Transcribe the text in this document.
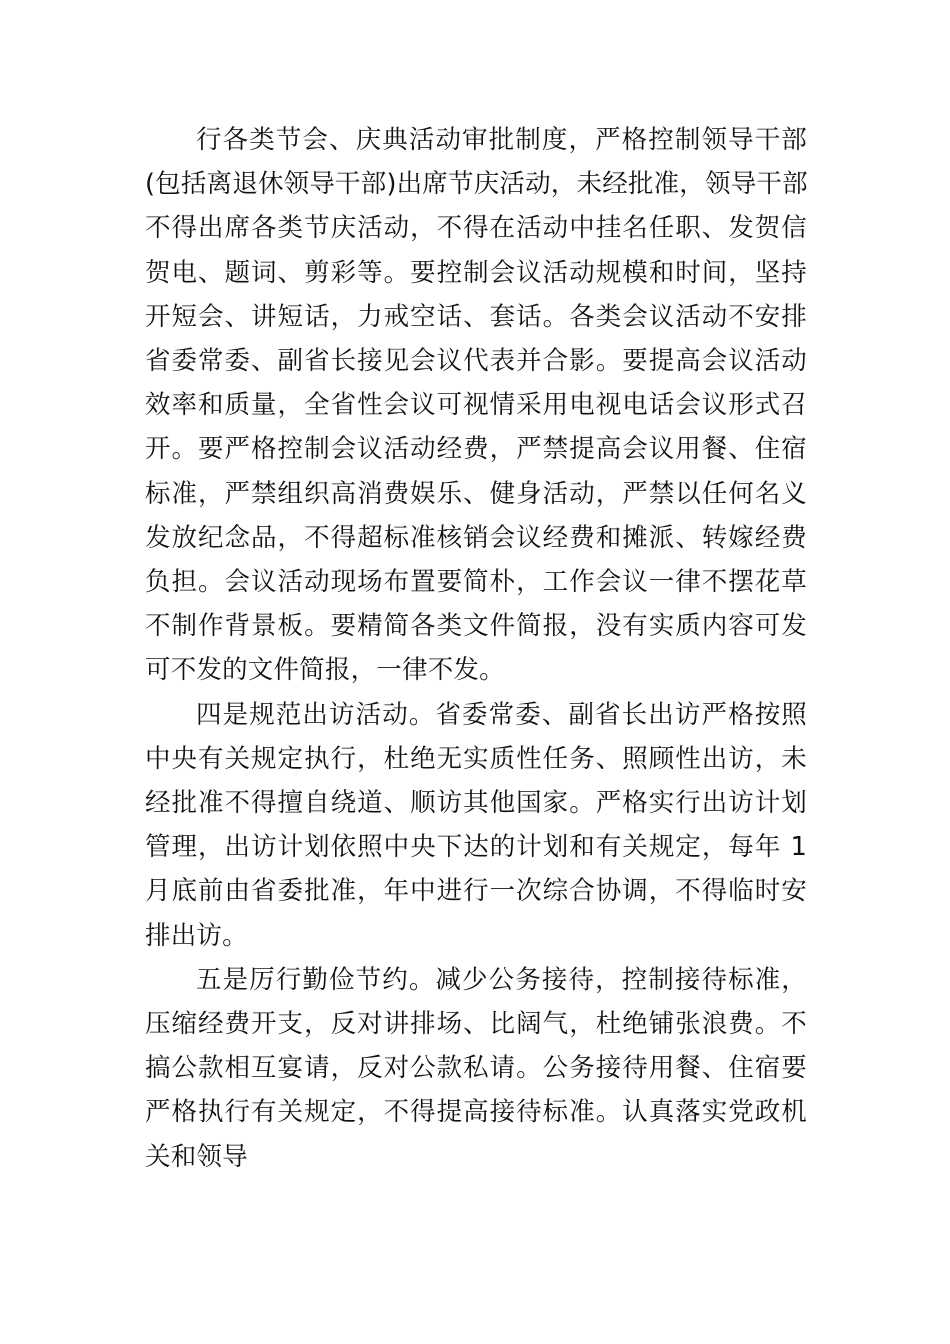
行各类节会、庆典活动审批制度，严格控制领导干部
(包括离退休领导干部)出席节庆活动，未经批准，领导干部
不得出席各类节庆活动，不得在活动中挂名任职、发贺信
贺电、题词、剪彩等。要控制会议活动规模和时间，坚持
开短会、讲短话，力戒空话、套话。各类会议活动不安排
省委常委、副省长接见会议代表并合影。要提高会议活动
效率和质量，全省性会议可视情采用电视电话会议形式召
开。要严格控制会议活动经费，严禁提高会议用餐、住宿
标准，严禁组织高消费娱乐、健身活动，严禁以任何名义
发放纪念品，不得超标准核销会议经费和摊派、转嫁经费
负担。会议活动现场布置要简朴，工作会议一律不摆花草
不制作背景板。要精简各类文件简报，没有实质内容可发
可不发的文件简报，一律不发。

四是规范出访活动。省委常委、副省长出访严格按照
中央有关规定执行，杜绝无实质性任务、照顾性出访，未
经批准不得擅自绕道、顺访其他国家。严格实行出访计划
管理，出访计划依照中央下达的计划和有关规定，每年 1
月底前由省委批准，年中进行一次综合协调，不得临时安
排出访。

五是厉行勤俭节约。减少公务接待，控制接待标准，
压缩经费开支，反对讲排场、比阔气，杜绝铺张浪费。不
搞公款相互宴请，反对公款私请。公务接待用餐、住宿要
严格执行有关规定，不得提高接待标准。认真落实党政机
关和领导
